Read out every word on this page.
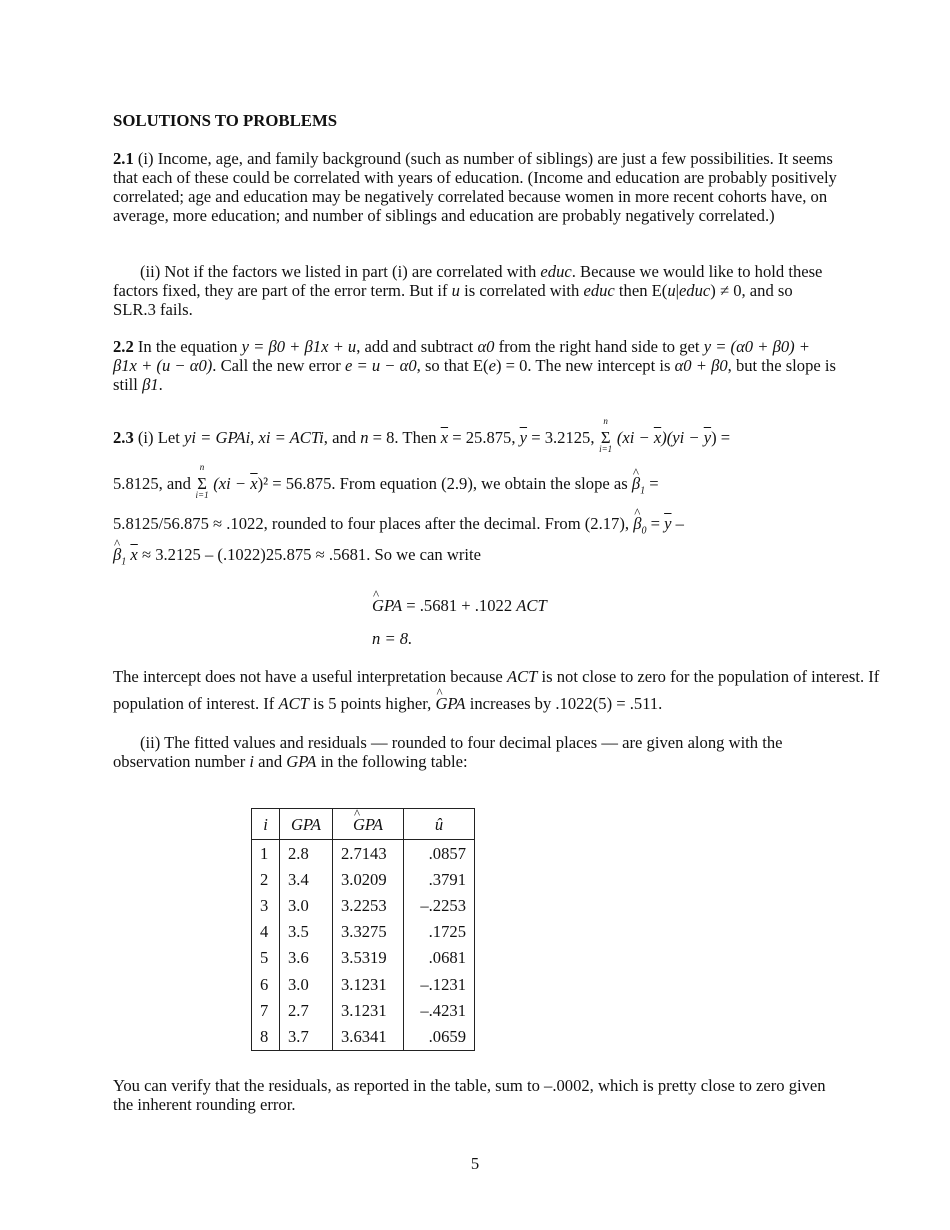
SOLUTIONS TO PROBLEMS
2.1 (i) Income, age, and family background (such as number of siblings) are just a few possibilities. It seems that each of these could be correlated with years of education. (Income and education are probably positively correlated; age and education may be negatively correlated because women in more recent cohorts have, on average, more education; and number of siblings and education are probably negatively correlated.)
(ii) Not if the factors we listed in part (i) are correlated with educ. Because we would like to hold these factors fixed, they are part of the error term. But if u is correlated with educ then E(u|educ) ≠ 0, and so SLR.3 fails.
2.2 In the equation y = β0 + β1x + u, add and subtract α0 from the right hand side to get y = (α0 + β0) + β1x + (u − α0). Call the new error e = u − α0, so that E(e) = 0. The new intercept is α0 + β0, but the slope is still β1.
2.3 (i) Let yi = GPAi, xi = ACTi, and n = 8. Then $\overline{x} = 25.875$, $\overline{y} = 3.2125$,
n
Σ
i=1
$(xi - \overline{x})(yi - \overline{y})$ =
5.8125, and
n
Σ
i=1
$(xi - \overline{x})^2 = 56.875$. From equation (2.9), we obtain the slope as ^ $\beta_1$ =
5.8125/56.875 ≈ .1022, rounded to four places after the decimal. From (2.17), ^ $\beta_0 = \overline{y}$ –
^ $\beta_1$ $\overline{x} \approx 3.2125 - (.1022)25.875 \approx .5681$. So we can write
^ GPA = .5681 + .1022 ACT
n = 8.
The intercept does not have a useful interpretation because ACT is not close to zero for the population of interest. If
population of interest. If ACT is 5 points higher, ^ GPA increases by .1022(5) = .511.
(ii) The fitted values and residuals — rounded to four decimal places — are given along with the observation number i and GPA in the following table:
You can verify that the residuals, as reported in the table, sum to –.0002, which is pretty close to zero given the inherent rounding error.
i	GPA	^ GPA	û
1	2.8	2.7143	.0857
2	3.4	3.0209	.3791
3	3.0	3.2253	–.2253
4	3.5	3.3275	.1725
5	3.6	3.5319	.0681
6	3.0	3.1231	–.1231
7	2.7	3.1231	–.4231
8	3.7	3.6341	.0659
5
